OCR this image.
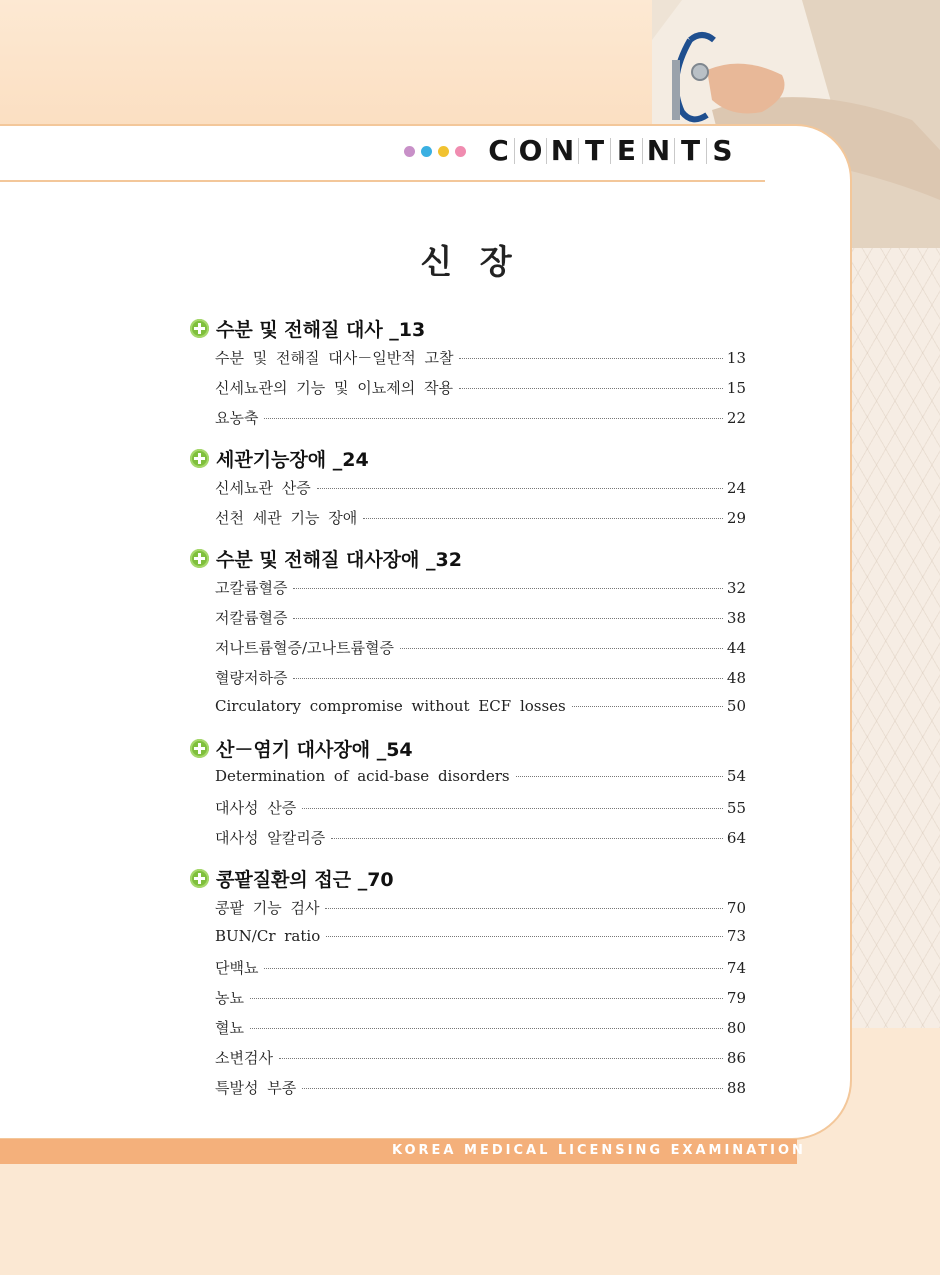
C O N T E N T S
신 장
수분 및 전해질 대사 _13
수분 및 전해질 대사－일반적 고찰	13
신세뇨관의 기능 및 이뇨제의 작용	15
요농축	22
세관기능장애 _24
신세뇨관 산증	24
선천 세관 기능 장애	29
수분 및 전해질 대사장애 _32
고칼륨혈증	32
저칼륨혈증	38
저나트륨혈증/고나트륨혈증	44
혈량저하증	48
Circulatory compromise without ECF losses	50
산－염기 대사장애 _54
Determination of acid-base disorders	54
대사성 산증	55
대사성 알칼리증	64
콩팥질환의 접근 _70
콩팥 기능 검사	70
BUN/Cr ratio	73
단백뇨	74
농뇨	79
혈뇨	80
소변검사	86
특발성 부종	88
KOREA MEDICAL LICENSING EXAMINATION
